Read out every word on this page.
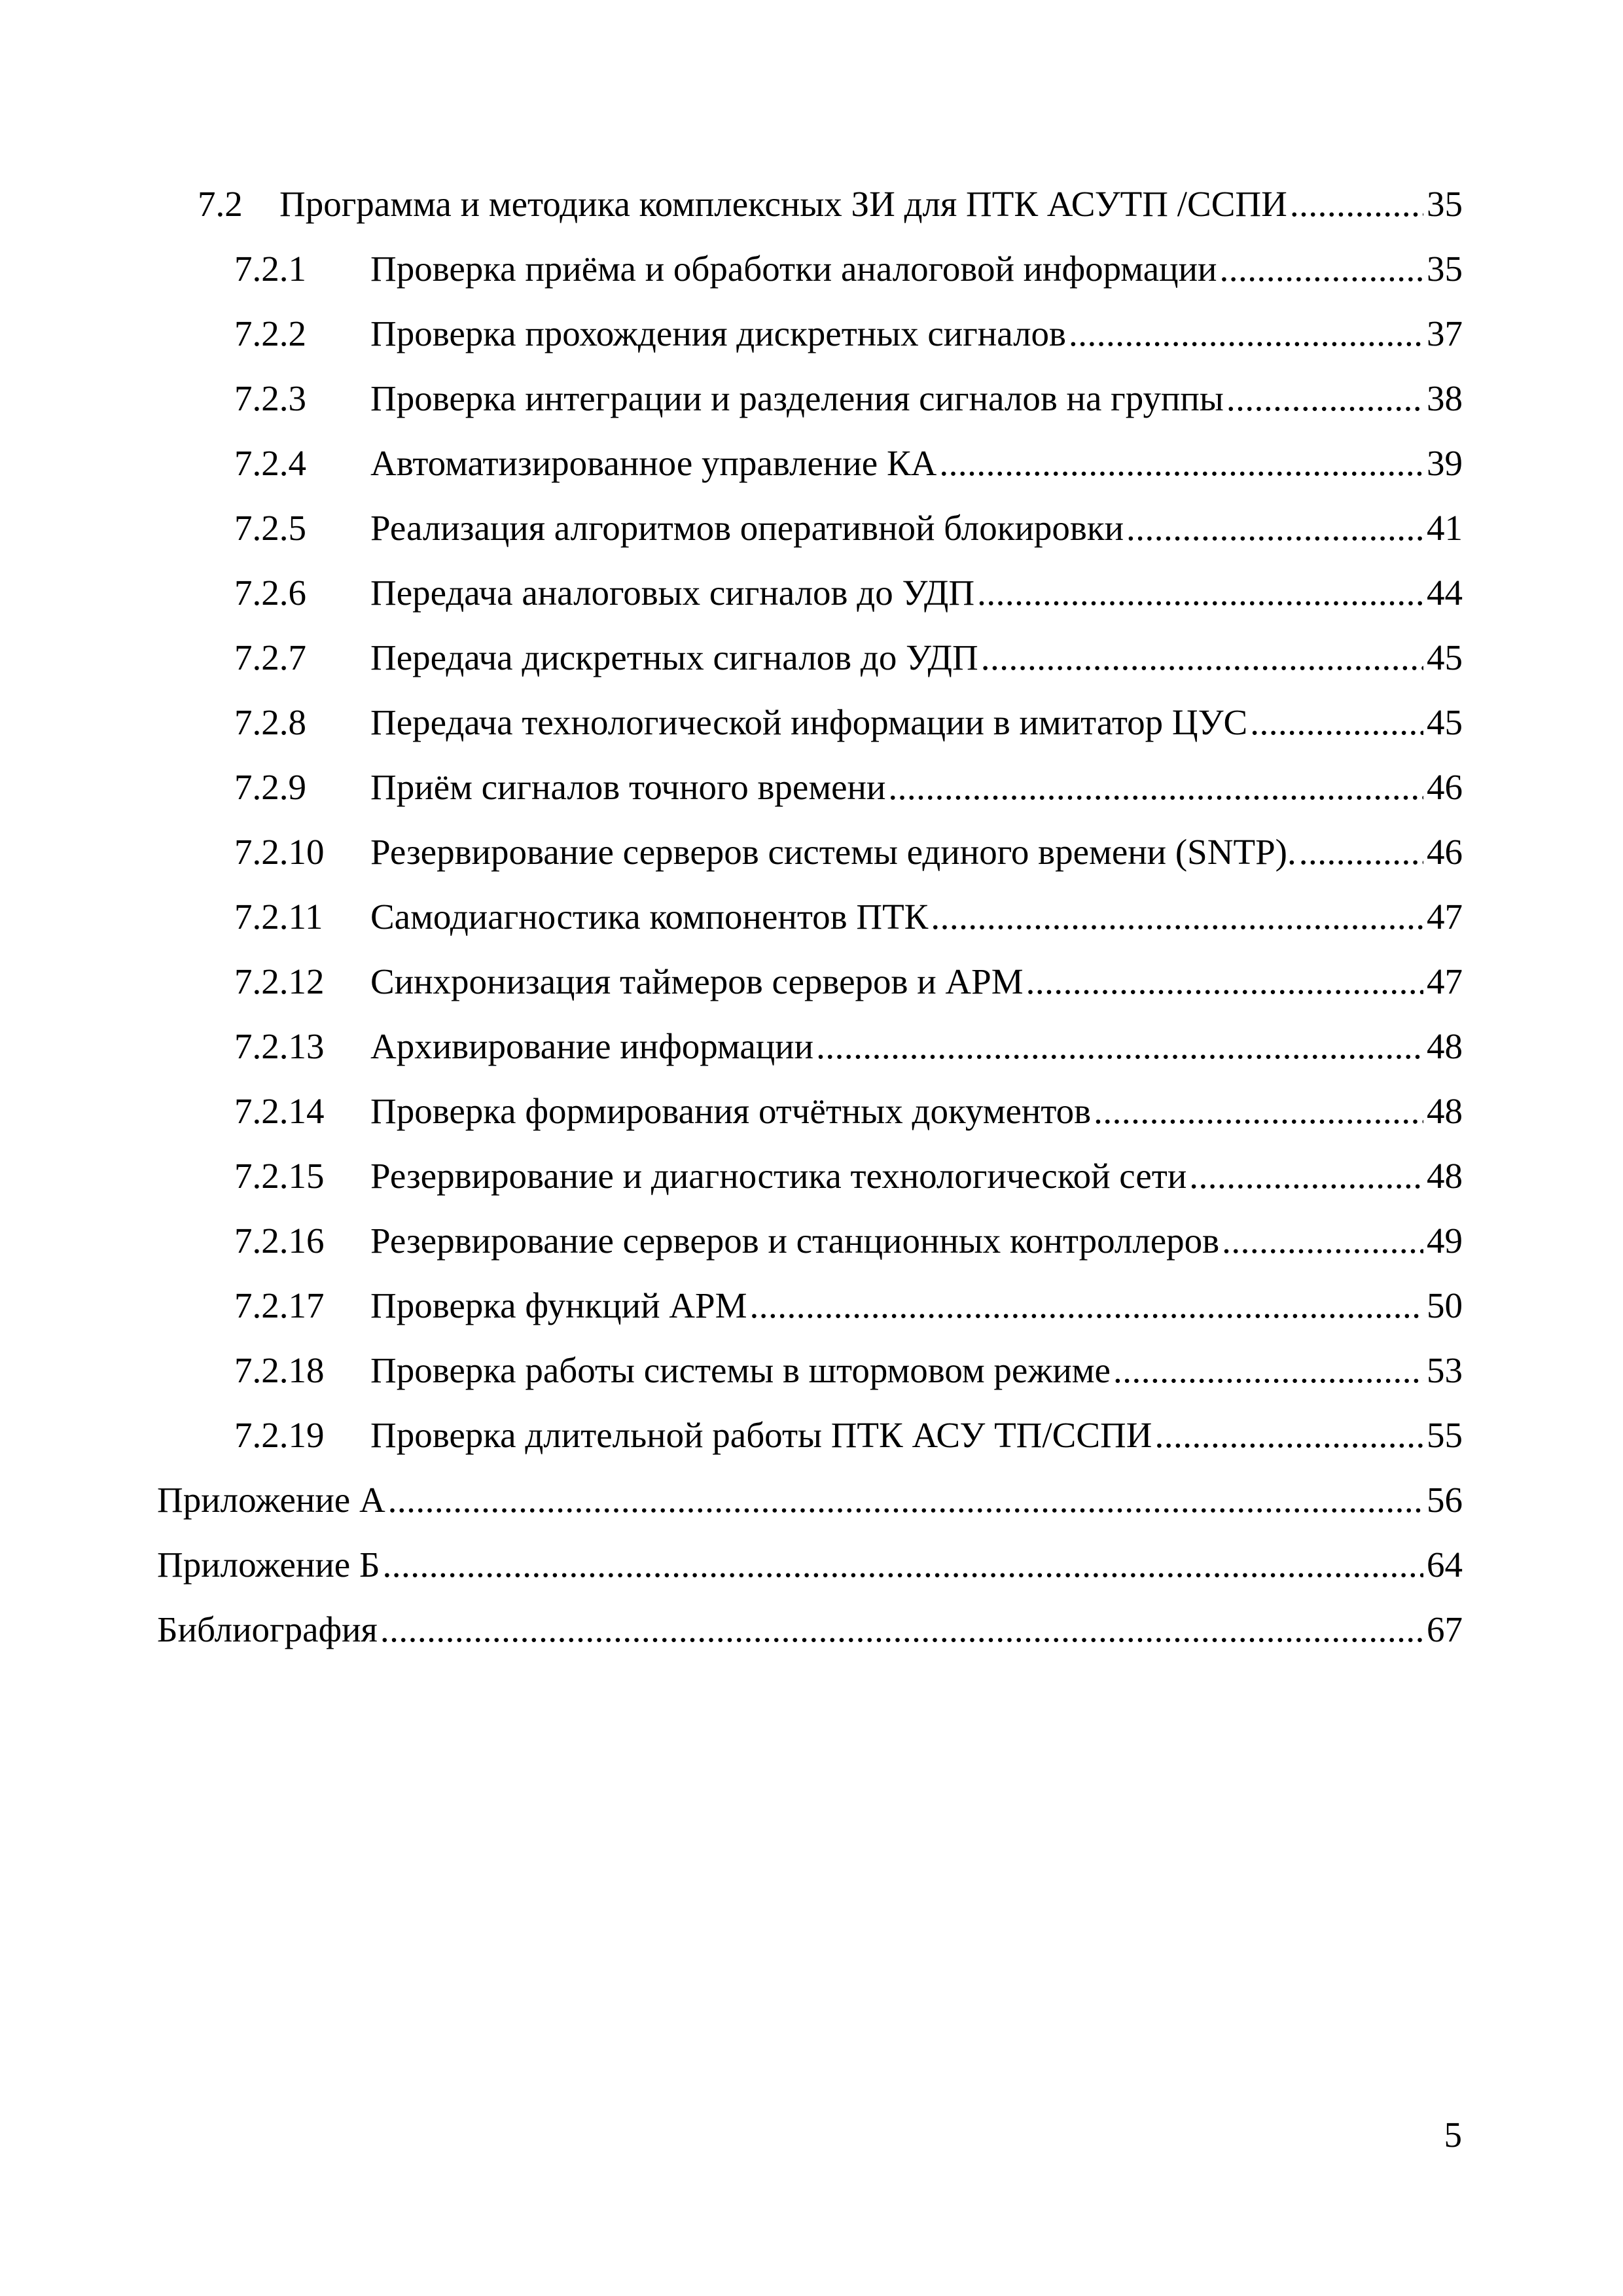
7.2	Программа и методика комплексных ЗИ для ПТК АСУТП /ССПИ .....	35
7.2.1	Проверка приёма и обработки аналоговой информации .....	35
7.2.2	Проверка прохождения дискретных сигналов .....	37
7.2.3	Проверка интеграции и разделения сигналов на группы .....	38
7.2.4	Автоматизированное управление КА .....	39
7.2.5	Реализация алгоритмов оперативной блокировки .....	41
7.2.6	Передача аналоговых сигналов до УДП .....	44
7.2.7	Передача дискретных сигналов до УДП .....	45
7.2.8	Передача технологической информации в имитатор ЦУС .....	45
7.2.9	Приём сигналов точного времени .....	46
7.2.10	Резервирование серверов системы единого времени (SNTP). .....	46
7.2.11	Самодиагностика компонентов ПТК .....	47
7.2.12	Синхронизация таймеров серверов и АРМ .....	47
7.2.13	Архивирование информации .....	48
7.2.14	Проверка формирования отчётных документов .....	48
7.2.15	Резервирование и диагностика технологической сети .....	48
7.2.16	Резервирование серверов и станционных контроллеров .....	49
7.2.17	Проверка функций АРМ .....	50
7.2.18	Проверка работы системы в штормовом режиме .....	53
7.2.19	Проверка длительной работы ПТК АСУ ТП/ССПИ .....	55
Приложение А .....	56
Приложение Б .....	64
Библиография .....	67
5
